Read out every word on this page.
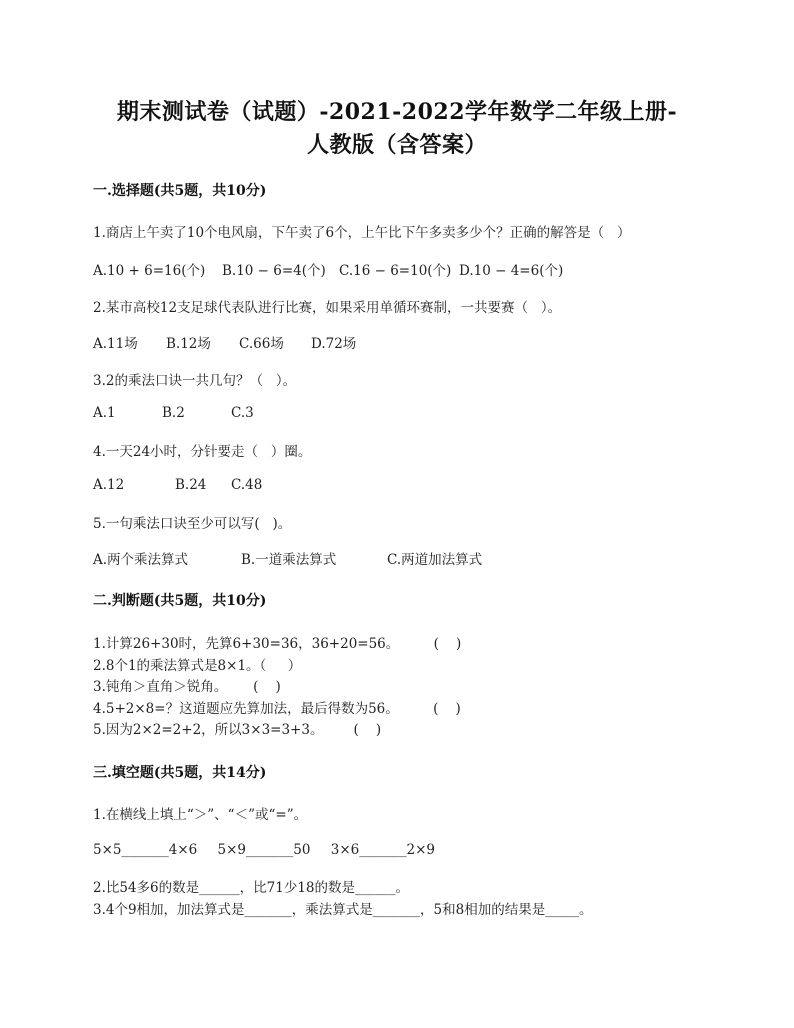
期末测试卷（试题）-2021-2022学年数学二年级上册-
人教版（含答案）
一.选择题(共5题，共10分)
1.商店上午卖了10个电风扇，下午卖了6个，上午比下午多卖多少个？正确的解答是（   ）
A.10 + 6=16(个)	B.10 − 6=4(个) C.16 − 6=10(个) D.10 − 4=6(个)
2.某市高校12支足球代表队进行比赛，如果采用单循环赛制，一共要赛（   ）。
A.11场	B.12场	C.66场	D.72场
3.2的乘法口诀一共几句？（   ）。
A.1	B.2	C.3
4.一天24小时，分针要走（   ）圈。
A.12	B.24	C.48
5.一句乘法口诀至少可以写(   )。
A.两个乘法算式	B.一道乘法算式	C.两道加法算式
二.判断题(共5题，共10分)
1.计算26+30时，先算6+30=36，36+20=56。        (    )
2.8个1的乘法算式是8×1。（     ）
3.钝角＞直角＞锐角。      (    )
4.5+2×8=？这道题应先算加法，最后得数为56。        (    )
5.因为2×2=2+2，所以3×3=3+3。       (    )
三.填空题(共5题，共14分)
1.在横线上填上“＞”、“＜”或“=”。
5×5_______4×6 5×9_______50 3×6_______2×9
2.比54多6的数是______，比71少18的数是______。
3.4个9相加，加法算式是_______，乘法算式是_______，5和8相加的结果是_____。
